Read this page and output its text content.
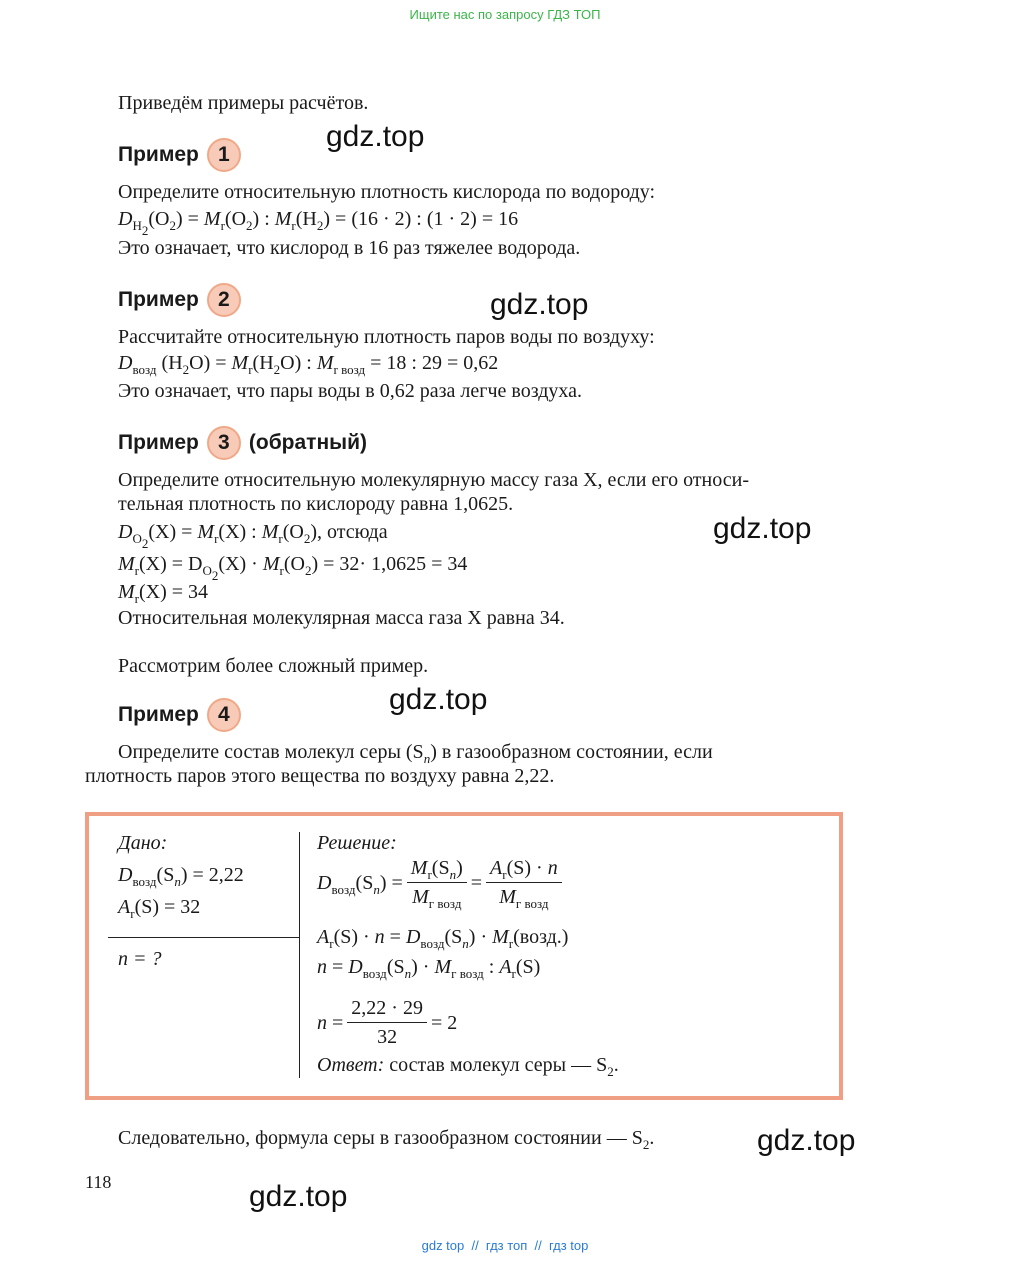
Ищите нас по запросу ГДЗ ТОП
Приведём примеры расчётов.
Пример 1
gdz.top
Определите относительную плотность кислорода по водороду:
$D_{H_2}(O_2) = M_r(O_2)$ : $M_r(H_2) = (16 \cdot 2)$ : (1 · 2) = 16
Это означает, что кислород в 16 раз тяжелее водорода.
Пример 2	gdz.top
Рассчитайте относительную плотность паров воды по воздуху:
$D_{возд}$ $(H_2O) = M_r(H_2O)$ : $M_{r возд} = 18$ : 29 = 0,62
Это означает, что пары воды в 0,62 раза легче воздуха.
Пример 3 (обратный)
Определите относительную молекулярную массу газа X, если его относи-
тельная плотность по кислороду равна 1,0625.
$D_{O_2}(X) = M_r(X)$ : $M_r(O_2)$, отсюда	gdz.top
$M_r(X) = D_{O_2}(X) \cdot M_r(O_2) = 32\cdot 1,0625 = 34$
$M_r(X) = 34$
Относительная молекулярная масса газа X равна 34.
Рассмотрим более сложный пример.
Пример 4	gdz.top
Определите состав молекул серы $(S_n)$ в газообразном состоянии, если
плотность паров этого вещества по воздуху равна 2,22.
Дано:
$D_{возд}(S_n) = 2,22$
$A_r(S) = 32$
n = ?
Решение:
$D_{возд}(S_n) = \frac{M_r(S_n)}{M_{г возд}} = \frac{A_r(S) \cdot n}{M_{г возд}}$
$A_r(S) \cdot n = D_{возд}(S_n)$ · $M_r(возд.)$
$n = D_{возд}(S_n) \cdot M_{г возд}$ : $A_r(S)$
$n = \frac{2,22 \cdot 29}{32} = 2$
Ответ: состав молекул серы — $S_2$.
Следовательно, формула серы в газообразном состоянии — $S_2$.	gdz.top
118	gdz.top
gdz top  //  гдз топ  //  гдз top
